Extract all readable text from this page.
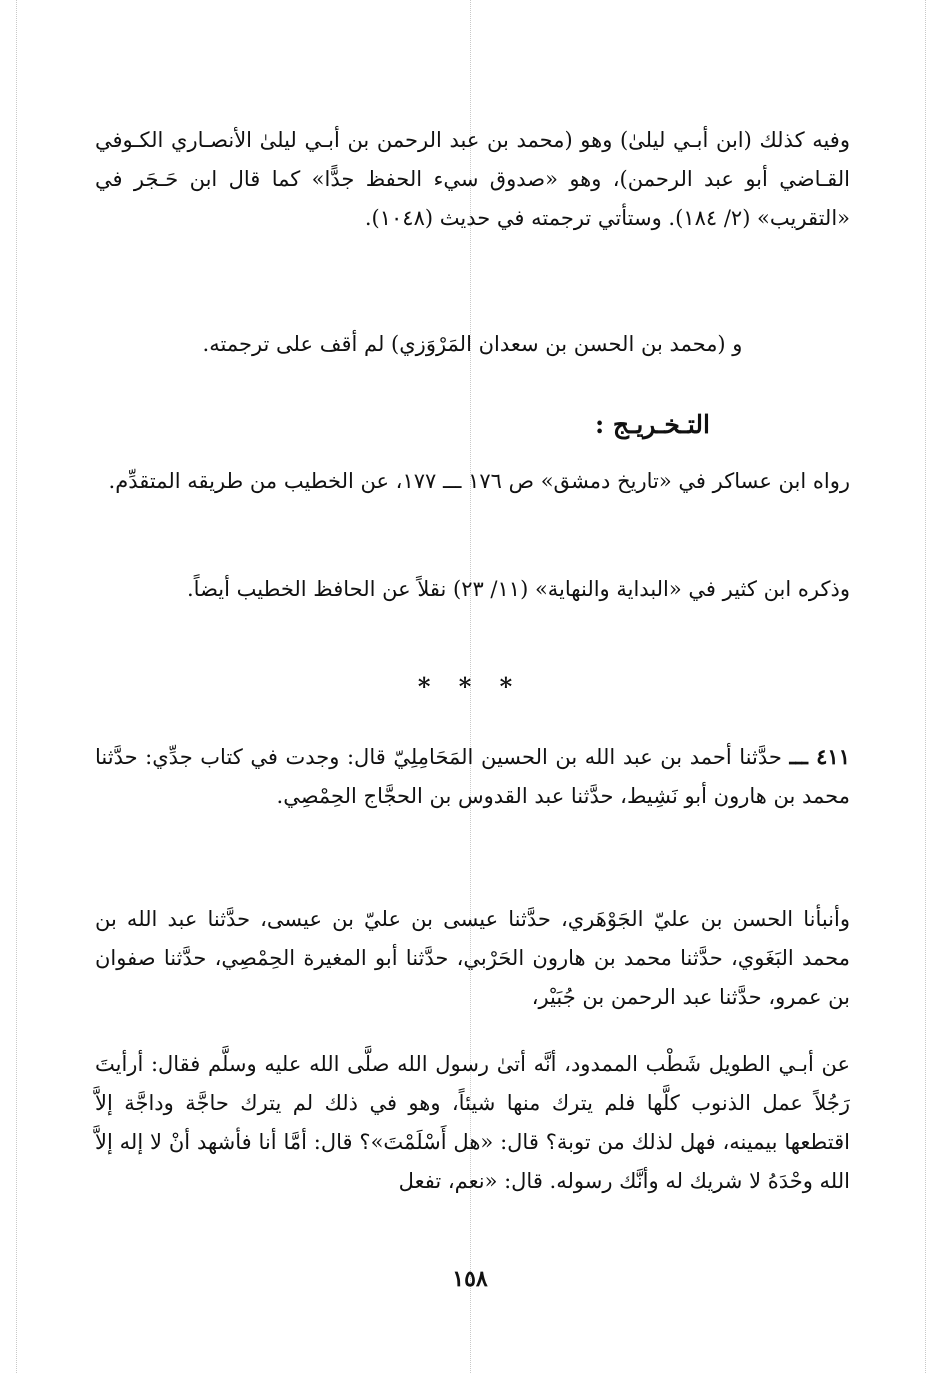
وفيه كذلك (ابن أبـي ليلىٰ) وهو (محمد بن عبد الرحمن بن أبـي ليلىٰ الأنصـاري الكـوفي القـاضي أبو عبد الرحمن)، وهو «صدوق سيء الحفظ جدًّا» كما قال ابن حَـجَر في «التقريب» (٢/ ١٨٤). وستأتي ترجمته في حديث (١٠٤٨).

و (محمد بن الحسن بن سعدان المَرْوَزي) لم أقف على ترجمته.
التـخـريـج :

رواه ابن عساكر في «تاريخ دمشق» ص ١٧٦ ـــ ١٧٧، عن الخطيب من طريقه المتقدِّم.

وذكره ابن كثير في «البداية والنهاية» (١١/ ٢٣) نقلاً عن الحافظ الخطيب أيضاً.

* * *

٤١١ ـــ حدَّثنا أحمد بن عبد الله بن الحسين المَحَامِلِيّ قال: وجدت في كتاب جدِّي: حدَّثنا محمد بن هارون أبو نَشِيط، حدَّثنا عبد القدوس بن الحجَّاج الحِمْصِي.

وأنبأنا الحسن بن عليّ الجَوْهَري، حدَّثنا عيسى بن عليّ بن عيسى، حدَّثنا عبد الله بن محمد البَغَوي، حدَّثنا محمد بن هارون الحَرْبي، حدَّثنا أبو المغيرة الحِمْصِي، حدَّثنا صفوان بن عمرو، حدَّثنا عبد الرحمن بن جُبَيْر،

عن أبـي الطويل شَطْب الممدود، أنَّه أتىٰ رسول الله صلَّى الله عليه وسلَّم فقال: أرأيتَ رَجُلاً عمل الذنوب كلَّها فلم يترك منها شيئاً، وهو في ذلك لم يترك حاجَّة وداجَّة إلاَّ اقتطعها بيمينه، فهل لذلك من توبة؟ قال: «هل أَسْلَمْتَ»؟ قال: أمَّا أنا فأشهد أنْ لا إله إلاَّ الله وحْدَهُ لا شريك له وأنَّك رسوله. قال: «نعم، تفعل

١٥٨
